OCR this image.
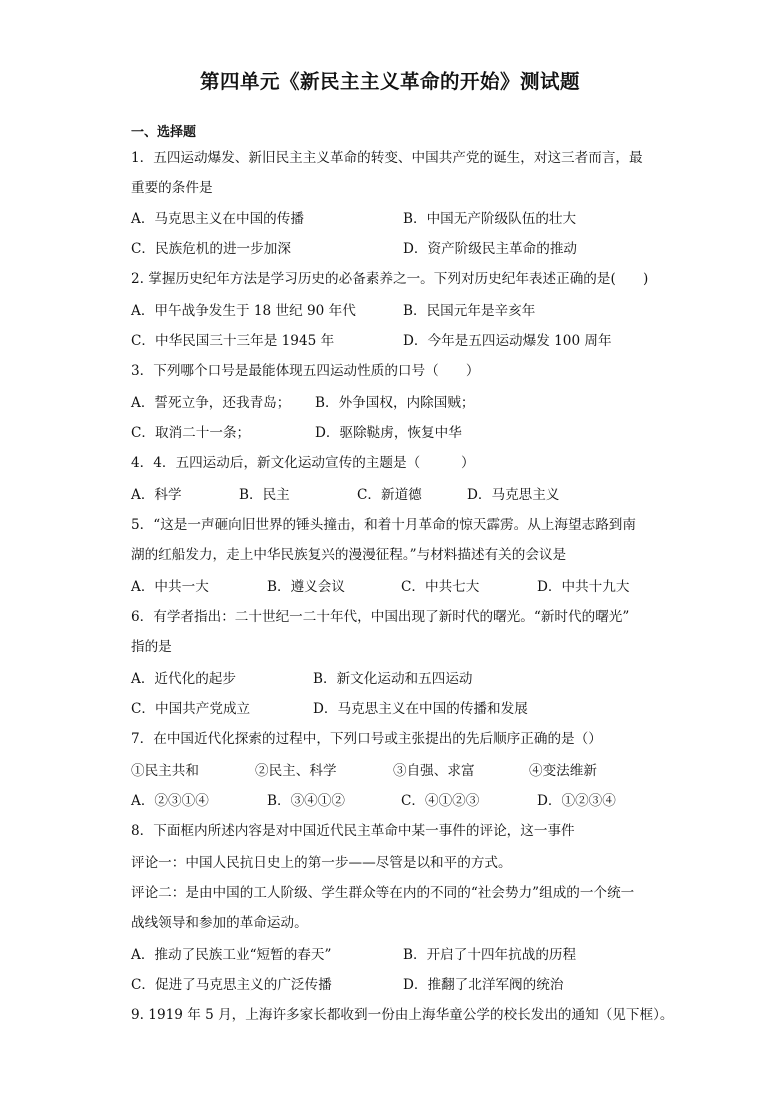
第四单元《新民主主义革命的开始》测试题
一、选择题
1．五四运动爆发、新旧民主主义革命的转变、中国共产党的诞生，对这三者而言，最
重要的条件是
A．马克思主义在中国的传播	B．中国无产阶级队伍的壮大
C．民族危机的进一步加深	D．资产阶级民主革命的推动
2. 掌握历史纪年方法是学习历史的必备素养之一。下列对历史纪年表述正确的是(　　)
A．甲午战争发生于 18 世纪 90 年代	B．民国元年是辛亥年
C．中华民国三十三年是 1945 年	D．今年是五四运动爆发 100 周年
3．下列哪个口号是最能体现五四运动性质的口号（　　）
A．誓死立争，还我青岛； B．外争国权，内除国贼；
C．取消二十一条；	D．驱除鞑虏，恢复中华
4．4．五四运动后，新文化运动宣传的主题是（　　　）
A．科学	B．民主	C．新道德	D．马克思主义
5．“这是一声砸向旧世界的锤头撞击，和着十月革命的惊天霹雳。从上海望志路到南
湖的红船发力，走上中华民族复兴的漫漫征程。”与材料描述有关的会议是
A．中共一大	B．遵义会议	C．中共七大	D．中共十九大
6．有学者指出：二十世纪一二十年代，中国出现了新时代的曙光。“新时代的曙光”
指的是
A．近代化的起步	B．新文化运动和五四运动
C．中国共产党成立	D．马克思主义在中国的传播和发展
7．在中国近代化探索的过程中，下列口号或主张提出的先后顺序正确的是（）
①民主共和	②民主、科学	③自强、求富	④变法维新
A．②③①④	B．③④①②	C．④①②③	D．①②③④
8．下面框内所述内容是对中国近代民主革命中某一事件的评论，这一事件
评论一：中国人民抗日史上的第一步——尽管是以和平的方式。
评论二：是由中国的工人阶级、学生群众等在内的不同的“社会势力”组成的一个统一
战线领导和参加的革命运动。
A．推动了民族工业“短暂的春天”	B．开启了十四年抗战的历程
C．促进了马克思主义的广泛传播	D．推翻了北洋军阀的统治
9. 1919 年 5 月，上海许多家长都收到一份由上海华童公学的校长发出的通知（见下框）。
